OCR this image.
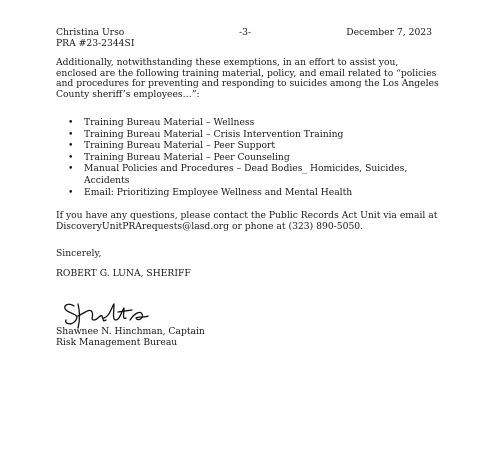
Christina Urso	-3-	December 7, 2023
PRA #23-2344SI

Additionally, notwithstanding these exemptions, in an effort to assist you, enclosed are the following training material, policy, and email related to “policies and procedures for preventing and responding to suicides among the Los Angeles County sheriff’s employees…”:

• Training Bureau Material – Wellness
• Training Bureau Material – Crisis Intervention Training
• Training Bureau Material – Peer Support
• Training Bureau Material – Peer Counseling
• Manual Policies and Procedures – Dead Bodies_ Homicides, Suicides, Accidents
• Email: Prioritizing Employee Wellness and Mental Health

If you have any questions, please contact the Public Records Act Unit via email at DiscoveryUnitPRArequests@lasd.org or phone at (323) 890-5050.

Sincerely,
ROBERT G. LUNA, SHERIFF
Shawnee N. Hinchman, Captain
Risk Management Bureau
